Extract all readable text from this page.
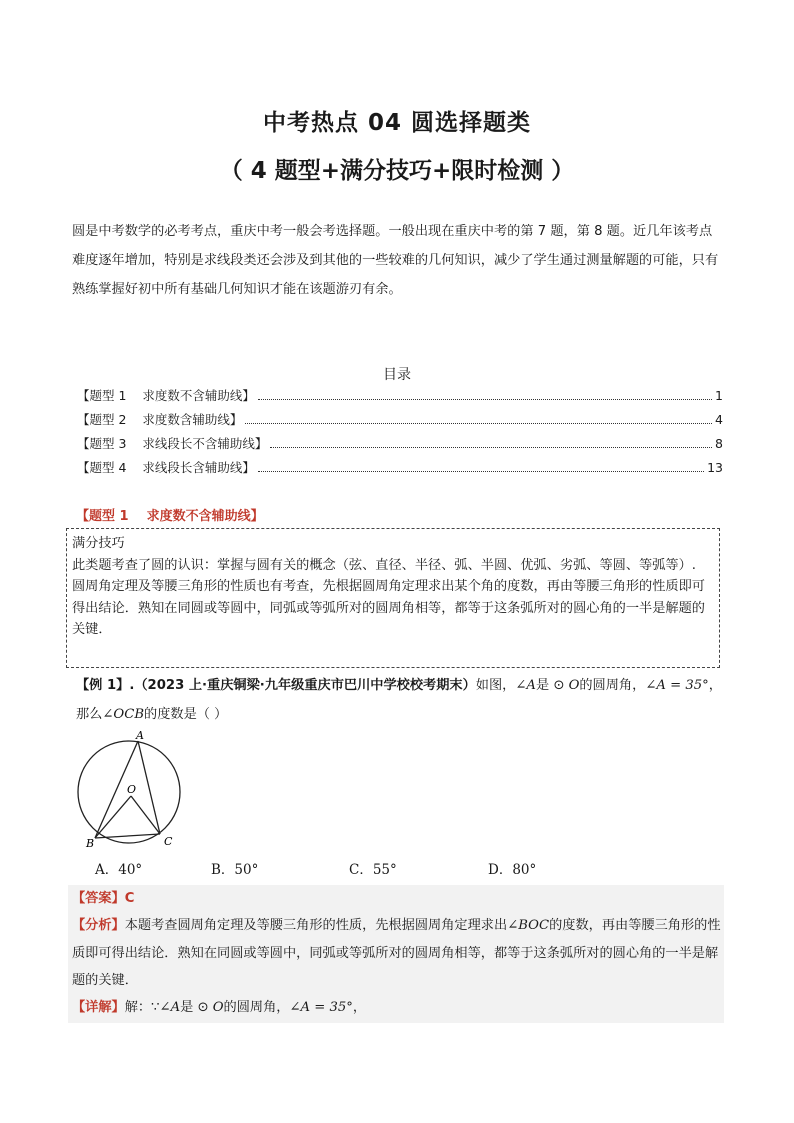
中考热点 04 圆选择题类
（ 4 题型+满分技巧+限时检测 ）
圆是中考数学的必考考点，重庆中考一般会考选择题。一般出现在重庆中考的第 7 题，第 8 题。近几年该考点难度逐年增加，特别是求线段类还会涉及到其他的一些较难的几何知识，减少了学生通过测量解题的可能，只有熟练掌握好初中所有基础几何知识才能在该题游刃有余。
目录
【题型 1    求度数不含辅助线】	1
【题型 2    求度数含辅助线】	4
【题型 3    求线段长不含辅助线】	8
【题型 4    求线段长含辅助线】	13
【题型 1    求度数不含辅助线】
满分技巧
此类题考查了圆的认识：掌握与圆有关的概念（弦、直径、半径、弧、半圆、优弧、劣弧、等圆、等弧等）.
圆周角定理及等腰三角形的性质也有考查，先根据圆周角定理求出某个角的度数，再由等腰三角形的性质即可得出结论．熟知在同圆或等圆中，同弧或等弧所对的圆周角相等，都等于这条弧所对的圆心角的一半是解题的关键．
【例 1】.（2023 上·重庆铜梁·九年级重庆市巴川中学校校考期末）如图，∠A是 ⊙ O的圆周角，∠A = 35°，那么∠OCB的度数是（ ）
A
O
B	C
A．40°	B．50°	C．55°	D．80°
【答案】C
【分析】本题考查圆周角定理及等腰三角形的性质，先根据圆周角定理求出∠BOC的度数，再由等腰三角形的性质即可得出结论．熟知在同圆或等圆中，同弧或等弧所对的圆周角相等，都等于这条弧所对的圆心角的一半是解题的关键．
【详解】解：∵∠A是 ⊙ O的圆周角，∠A = 35°，
